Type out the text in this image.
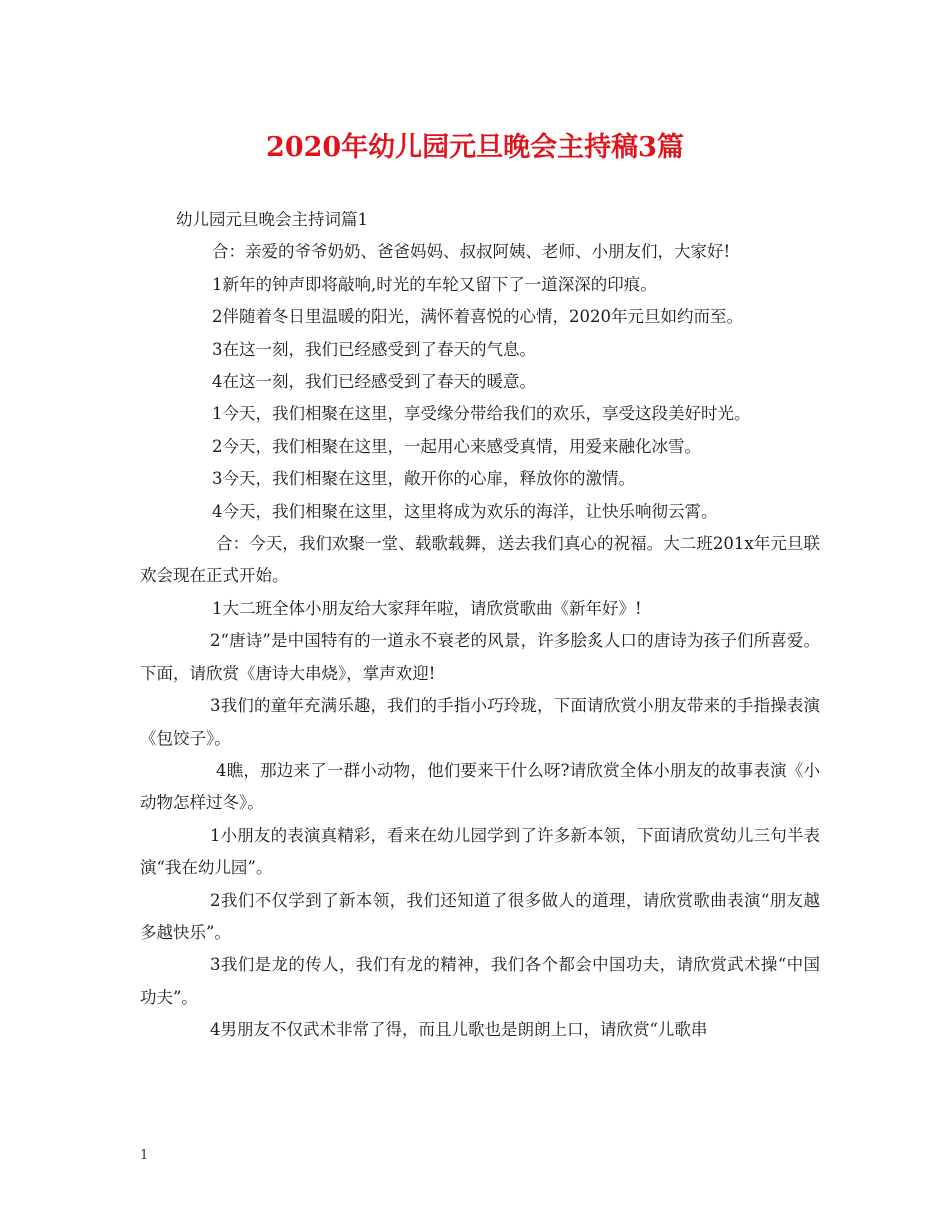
2020年幼儿园元旦晚会主持稿3篇

幼儿园元旦晚会主持词篇1

合：亲爱的爷爷奶奶、爸爸妈妈、叔叔阿姨、老师、小朋友们，大家好!

1新年的钟声即将敲响,时光的车轮又留下了一道深深的印痕。

2伴随着冬日里温暖的阳光，满怀着喜悦的心情，2020年元旦如约而至。

3在这一刻，我们已经感受到了春天的气息。

4在这一刻，我们已经感受到了春天的暖意。

1今天，我们相聚在这里，享受缘分带给我们的欢乐，享受这段美好时光。

2今天，我们相聚在这里，一起用心来感受真情，用爱来融化冰雪。

3今天，我们相聚在这里，敞开你的心扉，释放你的激情。

4今天，我们相聚在这里，这里将成为欢乐的海洋，让快乐响彻云霄。

合：今天，我们欢聚一堂、载歌载舞，送去我们真心的祝福。大二班201x年元旦联欢会现在正式开始。

1大二班全体小朋友给大家拜年啦，请欣赏歌曲《新年好》!

2“唐诗”是中国特有的一道永不衰老的风景，许多脍炙人口的唐诗为孩子们所喜爱。下面，请欣赏《唐诗大串烧》，掌声欢迎!

3我们的童年充满乐趣，我们的手指小巧玲珑，下面请欣赏小朋友带来的手指操表演《包饺子》。

4瞧，那边来了一群小动物，他们要来干什么呀?请欣赏全体小朋友的故事表演《小动物怎样过冬》。

1小朋友的表演真精彩，看来在幼儿园学到了许多新本领，下面请欣赏幼儿三句半表演“我在幼儿园”。

2我们不仅学到了新本领，我们还知道了很多做人的道理，请欣赏歌曲表演“朋友越多越快乐”。

3我们是龙的传人，我们有龙的精神，我们各个都会中国功夫，请欣赏武术操“中国功夫”。

4男朋友不仅武术非常了得，而且儿歌也是朗朗上口，请欣赏“儿歌串

1
